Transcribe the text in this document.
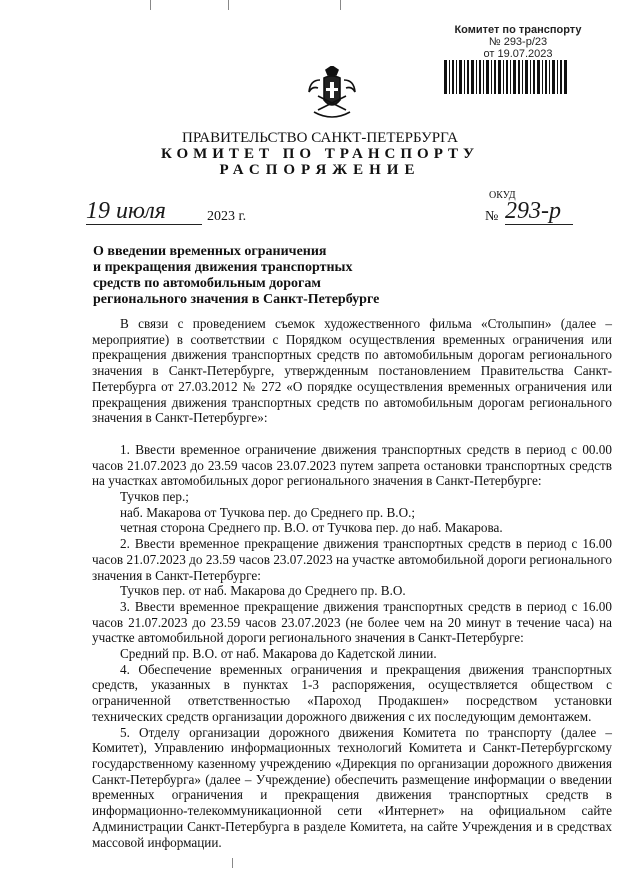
Комитет по транспорту
№ 293-р/23
от 19.07.2023
ПРАВИТЕЛЬСТВО САНКТ-ПЕТЕРБУРГА
КОМИТЕТ ПО ТРАНСПОРТУ
РАСПОРЯЖЕНИЕ
ОКУД
19 июля	2023 г.	№ 293-р
О введении временных ограничения
и прекращения движения транспортных
средств по автомобильным дорогам
регионального значения в Санкт-Петербурге

В связи с проведением съемок художественного фильма «Столыпин» (далее – мероприятие) в соответствии с Порядком осуществления временных ограничения или прекращения движения транспортных средств по автомобильным дорогам регионального значения в Санкт-Петербурге, утвержденным постановлением Правительства Санкт-Петербурга от 27.03.2012 № 272 «О порядке осуществления временных ограничения или прекращения движения транспортных средств по автомобильным дорогам регионального значения в Санкт-Петербурге»:

1. Ввести временное ограничение движения транспортных средств в период с 00.00 часов 21.07.2023 до 23.59 часов 23.07.2023 путем запрета остановки транспортных средств на участках автомобильных дорог регионального значения в Санкт-Петербурге:

Тучков пер.;

наб. Макарова от Тучкова пер. до Среднего пр. В.О.;

четная сторона Среднего пр. В.О. от Тучкова пер. до наб. Макарова.

2. Ввести временное прекращение движения транспортных средств в период с 16.00 часов 21.07.2023 до 23.59 часов 23.07.2023 на участке автомобильной дороги регионального значения в Санкт-Петербурге:

Тучков пер. от наб. Макарова до Среднего пр. В.О.

3. Ввести временное прекращение движения транспортных средств в период с 16.00 часов 21.07.2023 до 23.59 часов 23.07.2023 (не более чем на 20 минут в течение часа) на участке автомобильной дороги регионального значения в Санкт-Петербурге:

Средний пр. В.О. от наб. Макарова до Кадетской линии.

4. Обеспечение временных ограничения и прекращения движения транспортных средств, указанных в пунктах 1-3 распоряжения, осуществляется обществом с ограниченной ответственностью «Пароход Продакшен» посредством установки технических средств организации дорожного движения с их последующим демонтажем.

5. Отделу организации дорожного движения Комитета по транспорту (далее – Комитет), Управлению информационных технологий Комитета и Санкт-Петербургскому государственному казенному учреждению «Дирекция по организации дорожного движения Санкт-Петербурга» (далее – Учреждение) обеспечить размещение информации о введении временных ограничения и прекращения движения транспортных средств в информационно-телекоммуникационной сети «Интернет» на официальном сайте Администрации Санкт-Петербурга в разделе Комитета, на сайте Учреждения и в средствах массовой информации.
